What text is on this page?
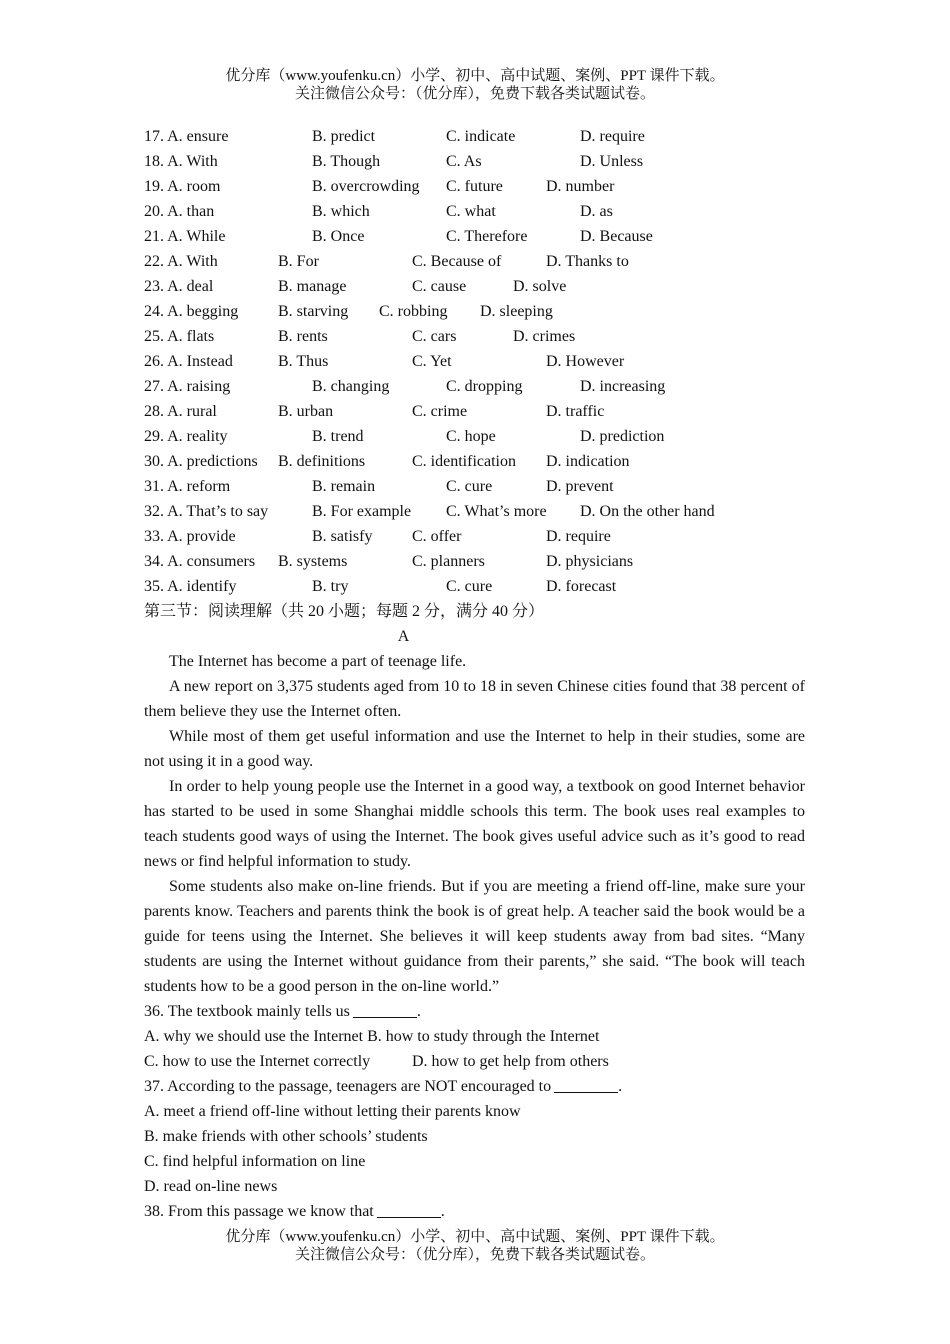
优分库（www.youfenku.cn）小学、初中、高中试题、案例、PPT 课件下载。
关注微信公众号：（优分库），免费下载各类试题试卷。
17. A. ensure	B. predict	C. indicate	D. require
18. A. With	B. Though	C. As	D. Unless
19. A. room	B. overcrowding C. future	D. number
20. A. than	B. which	C. what	D. as
21. A. While	B. Once	C. Therefore	D. Because
22. A. With	B. For	C. Because of	D. Thanks to
23. A. deal	B. manage	C. cause	D. solve
24. A. begging B. starving C. robbing D. sleeping
25. A. flats	B. rents	C. cars	D. crimes
26. A. Instead	B. Thus	C. Yet	D. However
27. A. raising	B. changing	C. dropping	D. increasing
28. A. rural	B. urban	C. crime	D. traffic
29. A. reality	B. trend	C. hope	D. prediction
30. A. predictions B. definitions	C. identification D. indication
31. A. reform	B. remain	C. cure	D. prevent
32. A. That’s to say	B. For example C. What’s more D. On the other hand
33. A. provide	B. satisfy C. offer	D. require
34. A. consumers B. systems	C. planners	D. physicians
35. A. identify	B. try	C. cure	D. forecast
第三节：阅读理解（共 20 小题；每题 2 分，满分 40 分）
A
The Internet has become a part of teenage life.
A new report on 3,375 students aged from 10 to 18 in seven Chinese cities found that 38 percent of them believe they use the Internet often.
While most of them get useful information and use the Internet to help in their studies, some are not using it in a good way.
In order to help young people use the Internet in a good way, a textbook on good Internet behavior has started to be used in some Shanghai middle schools this term. The book uses real examples to teach students good ways of using the Internet. The book gives useful advice such as it’s good to read news or find helpful information to study.
Some students also make on-line friends. But if you are meeting a friend off-line, make sure your parents know. Teachers and parents think the book is of great help. A teacher said the book would be a guide for teens using the Internet. She believes it will keep students away from bad sites. “Many students are using the Internet without guidance from their parents,” she said. “The book will teach students how to be a good person in the on-line world.”
36. The textbook mainly tells us	.
A. why we should use the Internet B. how to study through the Internet
C. how to use the Internet correctly	D. how to get help from others
37. According to the passage, teenagers are NOT encouraged to	.
A. meet a friend off-line without letting their parents know
B. make friends with other schools’ students
C. find helpful information on line
D. read on-line news
38. From this passage we know that	.
优分库（www.youfenku.cn）小学、初中、高中试题、案例、PPT 课件下载。
关注微信公众号：（优分库），免费下载各类试题试卷。
